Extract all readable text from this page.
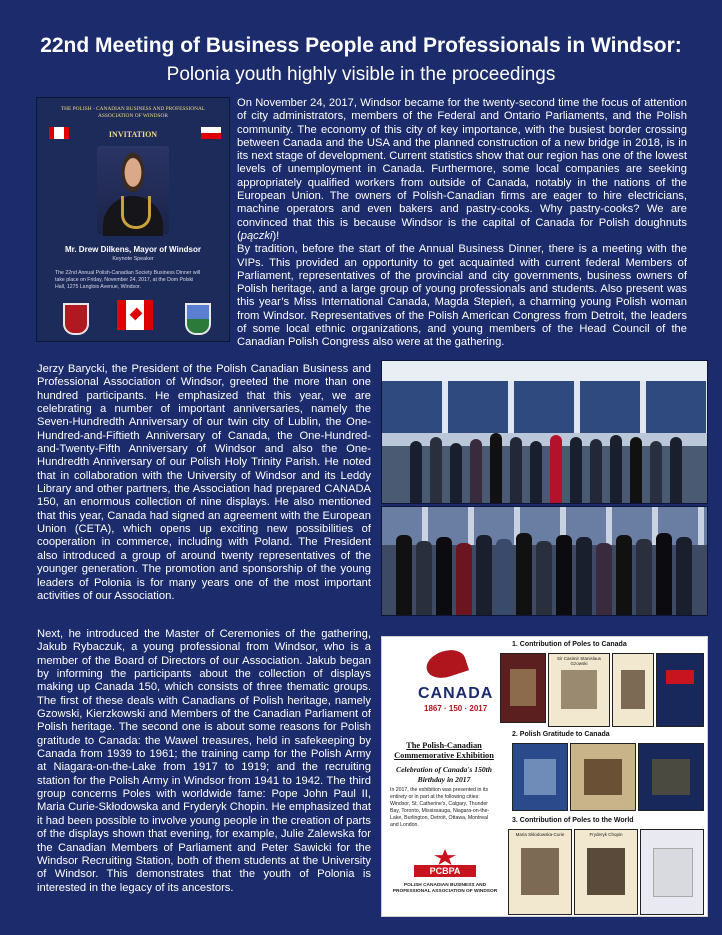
22nd Meeting of Business People and Professionals in Windsor:
Polonia youth highly visible in the proceedings
THE POLISH - CANADIAN BUSINESS AND PROFESSIONAL ASSOCIATION OF WINDSOR
INVITATION
Mr. Drew Dilkens, Mayor of Windsor
Keynote Speaker
The 22nd Annual Polish-Canadian Society Business Dinner will take place on Friday, November 24, 2017, at the Dom Polski Hall, 1275 Langlois Avenue, Windsor.

On November 24, 2017, Windsor became for the twenty-second time the focus of attention of city administrators, members of the Federal and Ontario Parliaments, and the Polish community. The economy of this city of key importance, with the busiest border crossing between Canada and the USA and the planned construction of a new bridge in 2018, is in its next stage of development. Current statistics show that our region has one of the lowest levels of unemployment in Canada. Furthermore, some local companies are seeking appropriately qualified workers from outside of Canada, notably in the nations of the European Union. The owners of Polish-Canadian firms are eager to hire electricians, machine operators and even bakers and pastry-cooks. Why pastry-cooks? We are convinced that this is because Windsor is the capital of Canada for Polish doughnuts (pączki)!

By tradition, before the start of the Annual Business Dinner, there is a meeting with the VIPs. This provided an opportunity to get acquainted with current federal Members of Parliament, representatives of the provincial and city governments, business owners of Polish heritage, and a large group of young professionals and students. Also present was this year’s Miss International Canada, Magda Stepień, a charming young Polish woman from Windsor. Representatives of the Polish American Congress from Detroit, the leaders of some local ethnic organizations, and young members of the Head Council of the Canadian Polish Congress also were at the gathering.

Jerzy Barycki, the President of the Polish Canadian Business and Professional Association of Windsor, greeted the more than one hundred participants. He emphasized that this year, we are celebrating a number of important anniversaries, namely the Seven-Hundredth Anniversary of our twin city of Lublin, the One-Hundred-and-Fiftieth Anniversary of Canada, the One-Hundred-and-Twenty-Fifth Anniversary of Windsor and also the One-Hundredth Anniversary of our Polish Holy Trinity Parish. He noted that in collaboration with the University of Windsor and its Leddy Library and other partners, the Association had prepared CANADA 150, an enormous collection of nine displays. He also mentioned that this year, Canada had signed an agreement with the European Union (CETA), which opens up exciting new possibilities of cooperation in commerce, including with Poland. The President also introduced a group of around twenty representatives of the younger generation. The promotion and sponsorship of the young leaders of Polonia is for many years one of the most important activities of our Association.
Next, he introduced the Master of Ceremonies of the gathering, Jakub Rybaczuk, a young professional from Windsor, who is a member of the Board of Directors of our Association. Jakub began by informing the participants about the collection of displays making up Canada 150, which consists of three thematic groups. The first of these deals with Canadians of Polish heritage, namely Gzowski, Kierzkowski and Members of the Canadian Parliament of Polish heritage. The second one is about some reasons for Polish gratitude to Canada: the Wawel treasures, held in safekeeping by Canada from 1939 to 1961; the training camp for the Polish Army at Niagara-on-the-Lake from 1917 to 1919; and the recruiting station for the Polish Army in Windsor from 1941 to 1942. The third group concerns Poles with worldwide fame: Pope John Paul II, Maria Curie-Skłodowska and Fryderyk Chopin. He emphasized that it had been possible to involve young people in the creation of parts of the displays shown that evening, for example, Julie Zalewska for the Canadian Members of Parliament and Peter Sawicki for the Windsor Recruiting Station, both of them students at the University of Windsor. This demonstrates that the youth of Polonia is interested in the legacy of its ancestors.
CANADA
1867 · 150 · 2017
The Polish-Canadian Commemorative Exhibition
Celebration of Canada's 150th Birthday in 2017
In 2017, the exhibition was presented in its entirety or in part at the following cities: Windsor, St. Catherine's, Calgary, Thunder Bay, Toronto, Mississauga, Niagara-on-the-Lake, Burlington, Detroit, Ottawa, Montreal and London.
PCBPA
POLISH CANADIAN BUSINESS AND PROFESSIONAL ASSOCIATION OF WINDSOR
1. Contribution of Poles to Canada
Sir Casimir Stanislaus Gzowski
2. Polish Gratitude to Canada
3. Contribution of Poles to the World
Maria Skłodowska-Curie	Fryderyk Chopin
